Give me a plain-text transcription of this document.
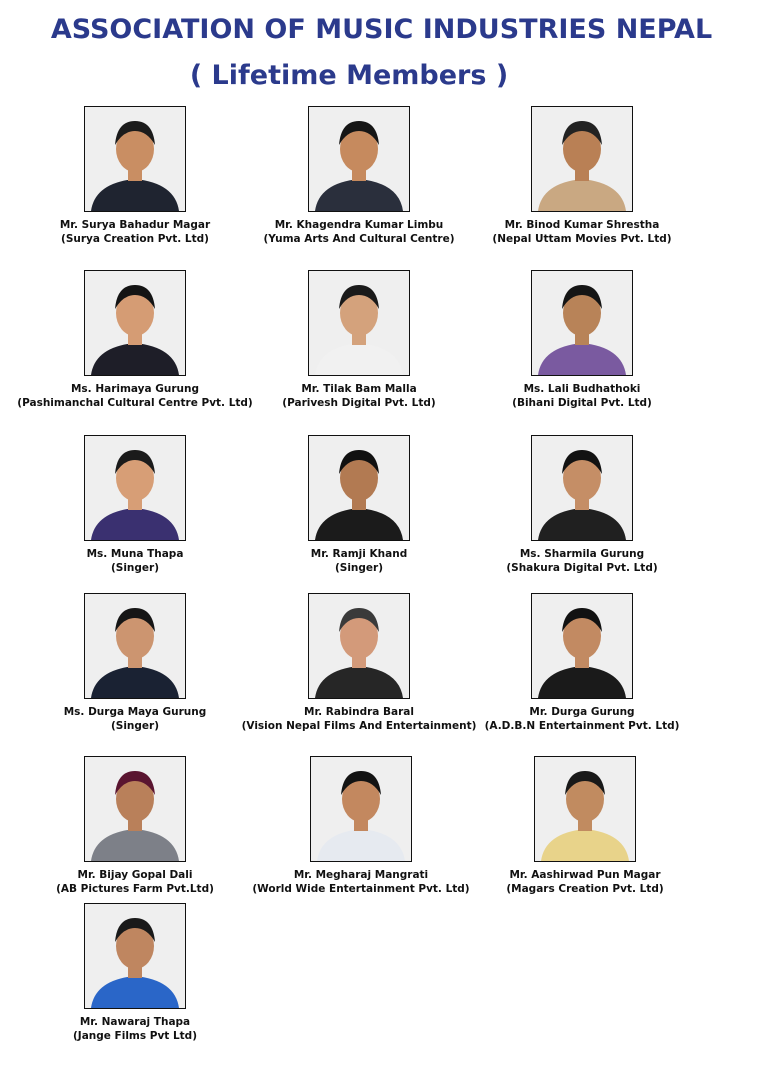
ASSOCIATION OF MUSIC INDUSTRIES NEPAL
( Lifetime Members )
Mr. Surya Bahadur Magar
(Surya Creation Pvt. Ltd)
Mr. Khagendra Kumar Limbu
(Yuma Arts And Cultural Centre)
Mr. Binod Kumar Shrestha
(Nepal Uttam Movies Pvt. Ltd)
Ms. Harimaya Gurung
(Pashimanchal Cultural Centre Pvt. Ltd)
Mr. Tilak Bam Malla
(Parivesh Digital Pvt. Ltd)
Ms. Lali Budhathoki
(Bihani Digital Pvt. Ltd)
Ms. Muna Thapa
(Singer)
Mr. Ramji Khand
(Singer)
Ms. Sharmila Gurung
(Shakura Digital Pvt. Ltd)
Ms. Durga Maya Gurung
(Singer)
Mr. Rabindra Baral
(Vision Nepal Films And Entertainment)
Mr. Durga Gurung
(A.D.B.N Entertainment Pvt. Ltd)
Mr. Bijay Gopal Dali
(AB Pictures Farm Pvt.Ltd)
Mr. Megharaj Mangrati
(World Wide Entertainment Pvt. Ltd)
Mr. Aashirwad Pun Magar
(Magars Creation Pvt. Ltd)
Mr. Nawaraj Thapa
(Jange Films Pvt Ltd)
